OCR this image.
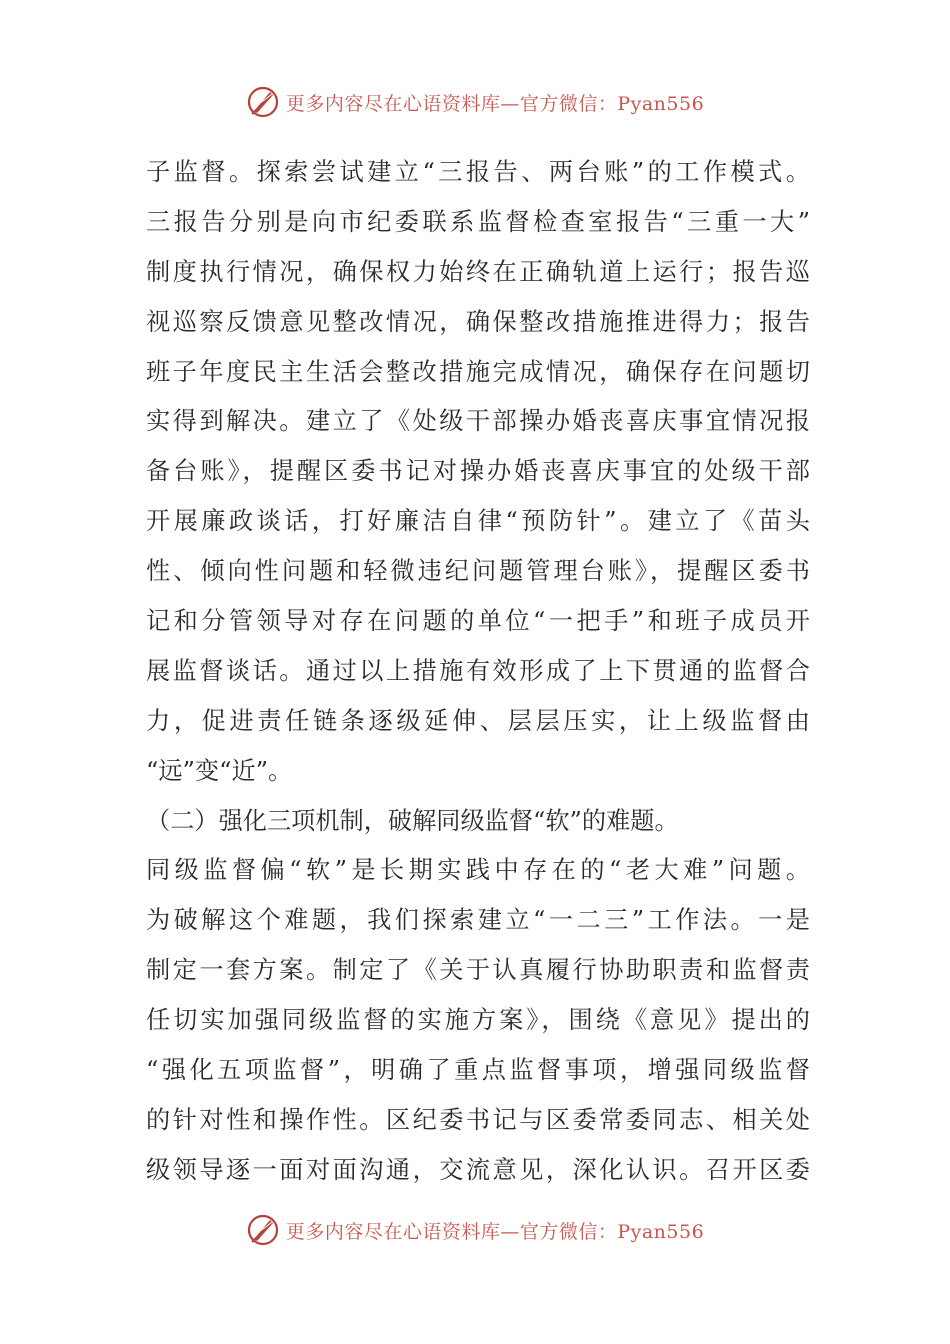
更多内容尽在心语资料库—官方微信：Pyan556
子监督。探索尝试建立“三报告、两台账”的工作模式。
三报告分别是向市纪委联系监督检查室报告“三重一大”
制度执行情况，确保权力始终在正确轨道上运行；报告巡
视巡察反馈意见整改情况，确保整改措施推进得力；报告
班子年度民主生活会整改措施完成情况，确保存在问题切
实得到解决。建立了《处级干部操办婚丧喜庆事宜情况报
备台账》，提醒区委书记对操办婚丧喜庆事宜的处级干部
开展廉政谈话，打好廉洁自律“预防针”。建立了《苗头
性、倾向性问题和轻微违纪问题管理台账》，提醒区委书
记和分管领导对存在问题的单位“一把手”和班子成员开
展监督谈话。通过以上措施有效形成了上下贯通的监督合
力，促进责任链条逐级延伸、层层压实，让上级监督由
“远”变“近”。
（二）强化三项机制，破解同级监督“软”的难题。
同级监督偏“软”是长期实践中存在的“老大难”问题。
为破解这个难题，我们探索建立“一二三”工作法。一是
制定一套方案。制定了《关于认真履行协助职责和监督责
任切实加强同级监督的实施方案》，围绕《意见》提出的
“强化五项监督”，明确了重点监督事项，增强同级监督
的针对性和操作性。区纪委书记与区委常委同志、相关处
级领导逐一面对面沟通，交流意见，深化认识。召开区委
更多内容尽在心语资料库—官方微信：Pyan556
